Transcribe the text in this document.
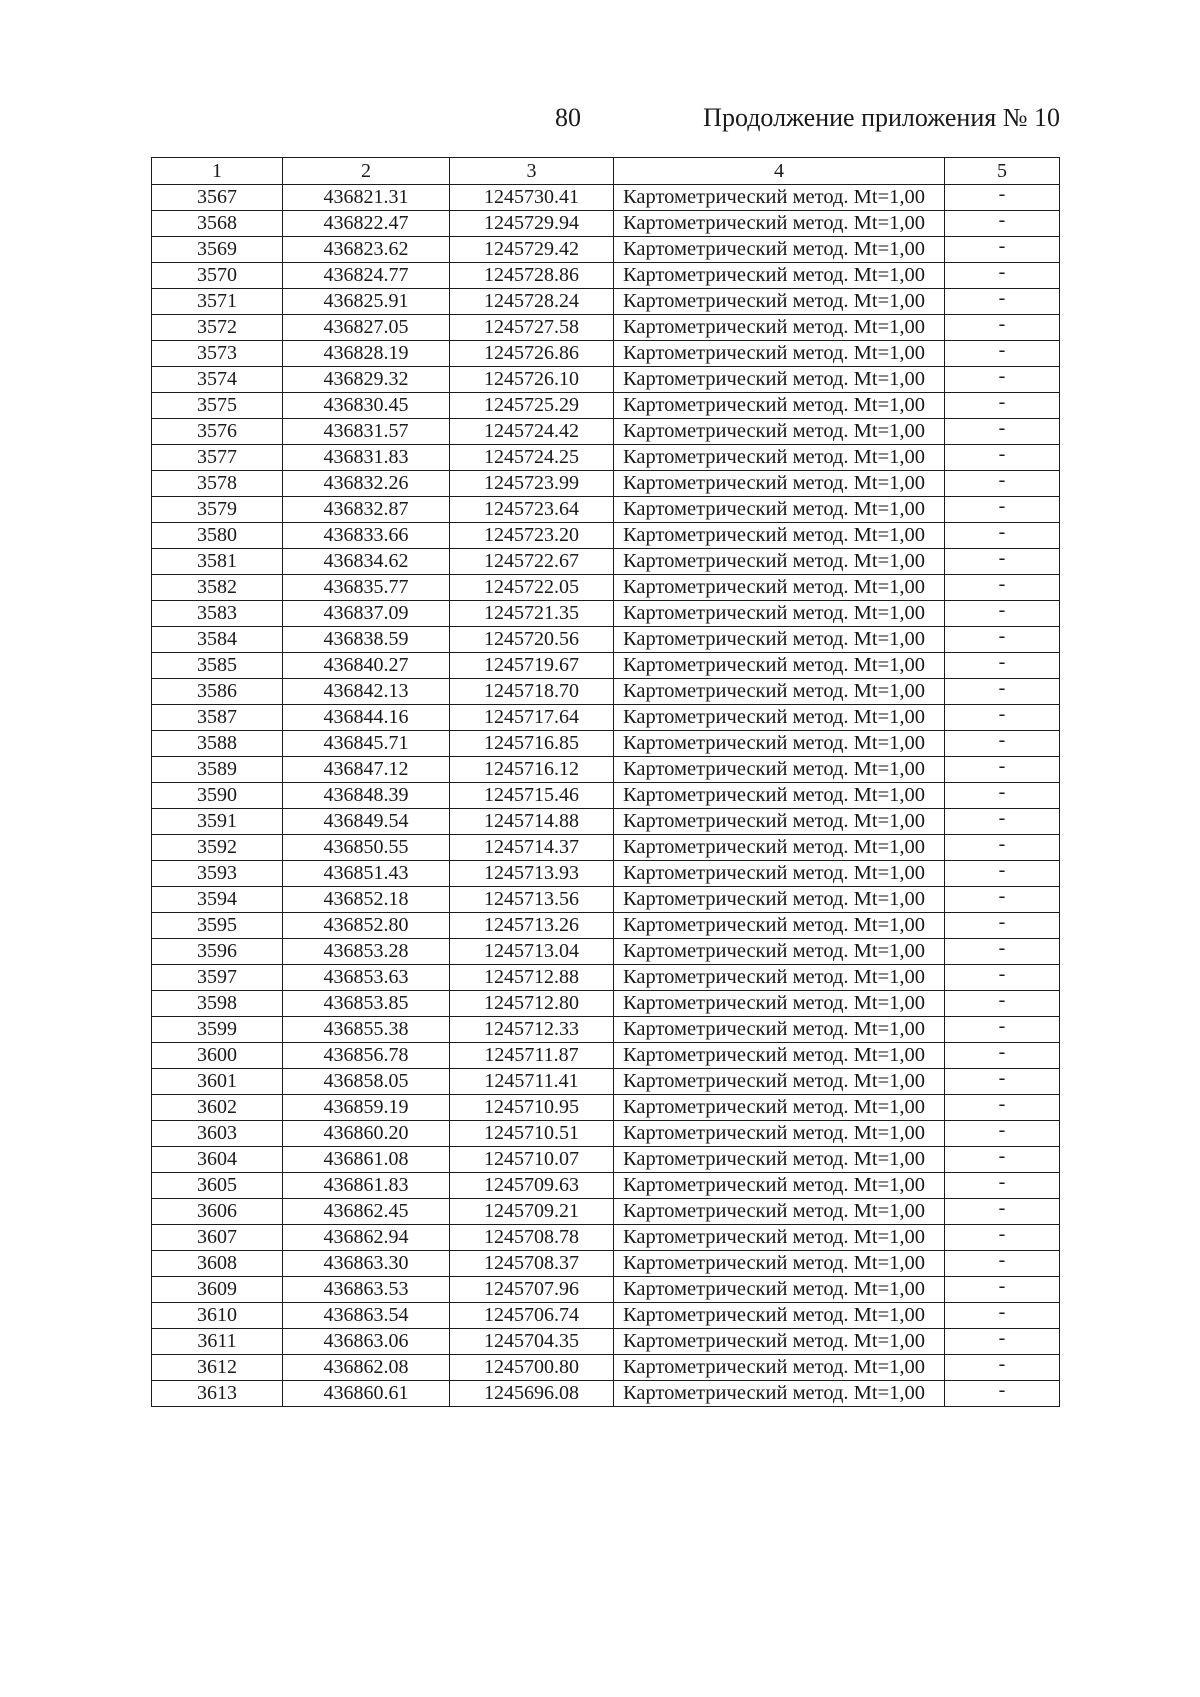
80	Продолжение приложения № 10
1	2	3	4	5
3567	436821.31	1245730.41	Картометрический метод. Mt=1,00	-
3568	436822.47	1245729.94	Картометрический метод. Mt=1,00	-
3569	436823.62	1245729.42	Картометрический метод. Mt=1,00	-
3570	436824.77	1245728.86	Картометрический метод. Mt=1,00	-
3571	436825.91	1245728.24	Картометрический метод. Mt=1,00	-
3572	436827.05	1245727.58	Картометрический метод. Mt=1,00	-
3573	436828.19	1245726.86	Картометрический метод. Mt=1,00	-
3574	436829.32	1245726.10	Картометрический метод. Mt=1,00	-
3575	436830.45	1245725.29	Картометрический метод. Mt=1,00	-
3576	436831.57	1245724.42	Картометрический метод. Mt=1,00	-
3577	436831.83	1245724.25	Картометрический метод. Mt=1,00	-
3578	436832.26	1245723.99	Картометрический метод. Mt=1,00	-
3579	436832.87	1245723.64	Картометрический метод. Mt=1,00	-
3580	436833.66	1245723.20	Картометрический метод. Mt=1,00	-
3581	436834.62	1245722.67	Картометрический метод. Mt=1,00	-
3582	436835.77	1245722.05	Картометрический метод. Mt=1,00	-
3583	436837.09	1245721.35	Картометрический метод. Mt=1,00	-
3584	436838.59	1245720.56	Картометрический метод. Mt=1,00	-
3585	436840.27	1245719.67	Картометрический метод. Mt=1,00	-
3586	436842.13	1245718.70	Картометрический метод. Mt=1,00	-
3587	436844.16	1245717.64	Картометрический метод. Mt=1,00	-
3588	436845.71	1245716.85	Картометрический метод. Mt=1,00	-
3589	436847.12	1245716.12	Картометрический метод. Mt=1,00	-
3590	436848.39	1245715.46	Картометрический метод. Mt=1,00	-
3591	436849.54	1245714.88	Картометрический метод. Mt=1,00	-
3592	436850.55	1245714.37	Картометрический метод. Mt=1,00	-
3593	436851.43	1245713.93	Картометрический метод. Mt=1,00	-
3594	436852.18	1245713.56	Картометрический метод. Mt=1,00	-
3595	436852.80	1245713.26	Картометрический метод. Mt=1,00	-
3596	436853.28	1245713.04	Картометрический метод. Mt=1,00	-
3597	436853.63	1245712.88	Картометрический метод. Mt=1,00	-
3598	436853.85	1245712.80	Картометрический метод. Mt=1,00	-
3599	436855.38	1245712.33	Картометрический метод. Mt=1,00	-
3600	436856.78	1245711.87	Картометрический метод. Mt=1,00	-
3601	436858.05	1245711.41	Картометрический метод. Mt=1,00	-
3602	436859.19	1245710.95	Картометрический метод. Mt=1,00	-
3603	436860.20	1245710.51	Картометрический метод. Mt=1,00	-
3604	436861.08	1245710.07	Картометрический метод. Mt=1,00	-
3605	436861.83	1245709.63	Картометрический метод. Mt=1,00	-
3606	436862.45	1245709.21	Картометрический метод. Mt=1,00	-
3607	436862.94	1245708.78	Картометрический метод. Mt=1,00	-
3608	436863.30	1245708.37	Картометрический метод. Mt=1,00	-
3609	436863.53	1245707.96	Картометрический метод. Mt=1,00	-
3610	436863.54	1245706.74	Картометрический метод. Mt=1,00	-
3611	436863.06	1245704.35	Картометрический метод. Mt=1,00	-
3612	436862.08	1245700.80	Картометрический метод. Mt=1,00	-
3613	436860.61	1245696.08	Картометрический метод. Mt=1,00	-
